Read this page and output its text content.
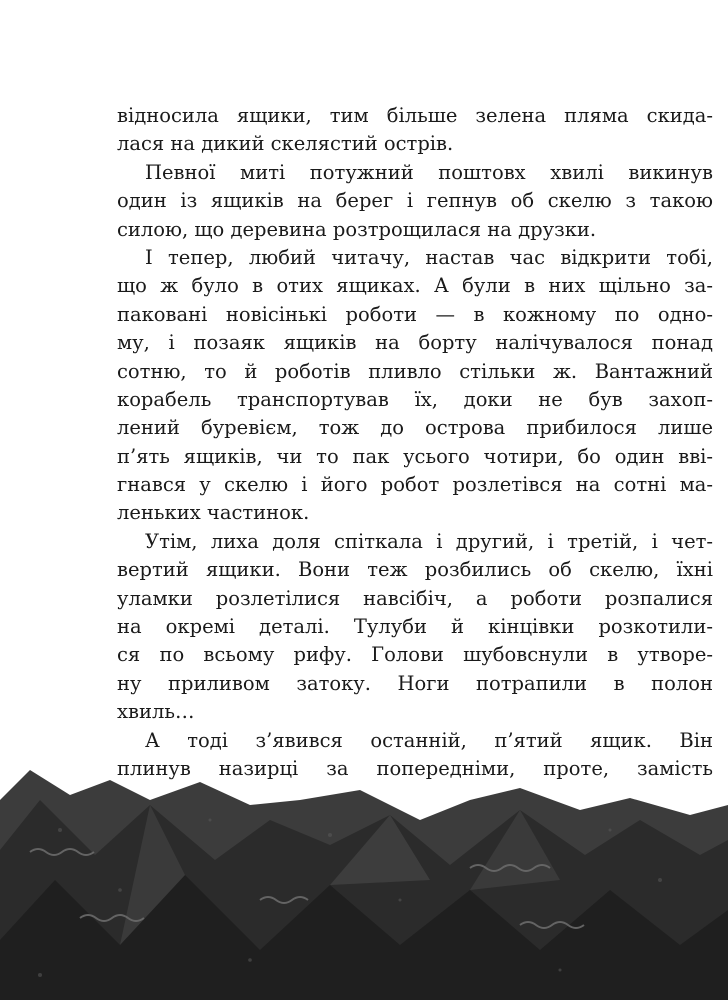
відносила ящики, тим більше зелена пляма скида-
лася на дикий скелястий острів.
Певної миті потужний поштовх хвилі викинув
один із ящиків на берег і гепнув об скелю з такою
силою, що деревина розтрощилася на друзки.
І тепер, любий читачу, настав час відкрити тобі,
що ж було в отих ящиках. А були в них щільно за-
паковані новісінькі роботи — в кожному по одно-
му, і позаяк ящиків на борту налічувалося понад
сотню, то й роботів пливло стільки ж. Вантажний
корабель транспортував їх, доки не був захоп-
лений буревієм, тож до острова прибилося лише
п’ять ящиків, чи то пак усього чотири, бо один вві-
гнався у скелю і його робот розлетівся на сотні ма-
леньких частинок.
Утім, лиха доля спіткала і другий, і третій, і чет-
вертий ящики. Вони теж розбились об скелю, їхні
уламки розлетілися навсібіч, а роботи розпалися
на окремі деталі. Тулуби й кінцівки розкотили-
ся по всьому рифу. Голови шубовснули в утворе-
ну приливом затоку. Ноги потрапили в полон
хвиль…
А тоді з’явився останній, п’ятий ящик. Він
плинув назирці за попередніми, проте, замість
